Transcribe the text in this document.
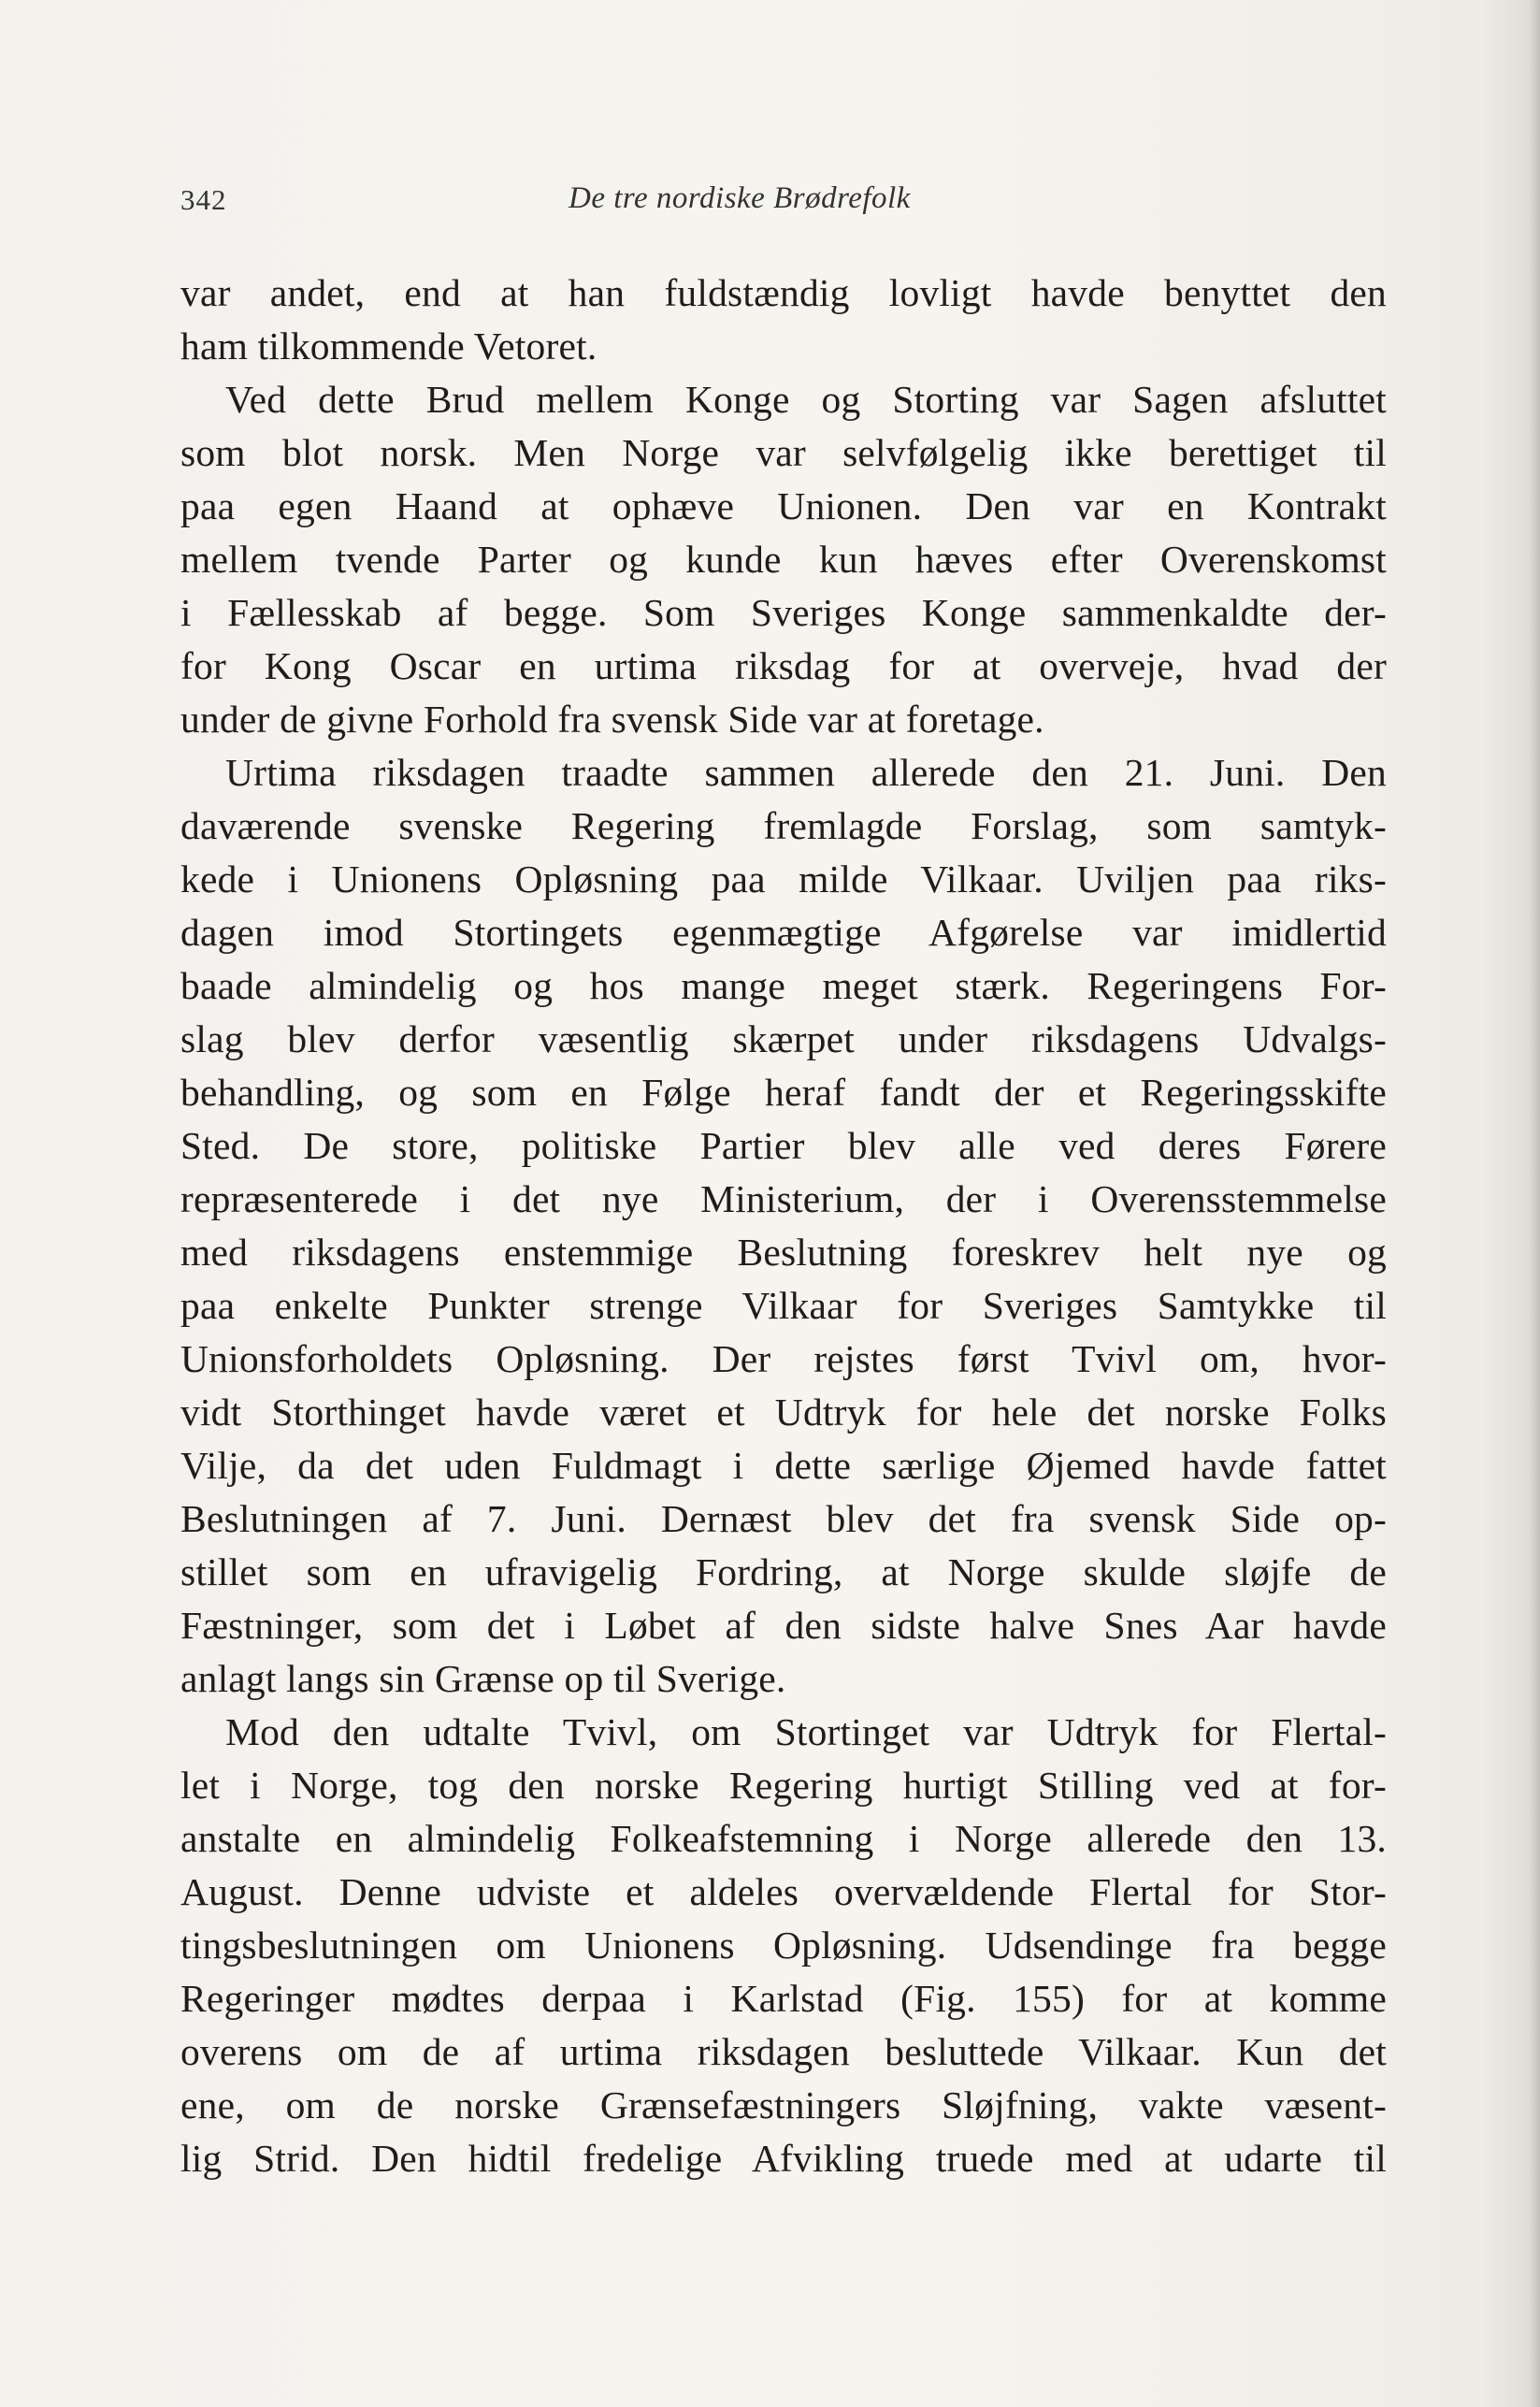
342	De tre nordiske Brødrefolk
var andet, end at han fuldstændig lovligt havde benyttet den
ham tilkommende Vetoret.
Ved dette Brud mellem Konge og Storting var Sagen afsluttet
som blot norsk. Men Norge var selvfølgelig ikke berettiget til
paa egen Haand at ophæve Unionen. Den var en Kontrakt
mellem tvende Parter og kunde kun hæves efter Overenskomst
i Fællesskab af begge. Som Sveriges Konge sammenkaldte der-
for Kong Oscar en urtima riksdag for at overveje, hvad der
under de givne Forhold fra svensk Side var at foretage.
Urtima riksdagen traadte sammen allerede den 21. Juni. Den
daværende svenske Regering fremlagde Forslag, som samtyk-
kede i Unionens Opløsning paa milde Vilkaar. Uviljen paa riks-
dagen imod Stortingets egenmægtige Afgørelse var imidlertid
baade almindelig og hos mange meget stærk. Regeringens For-
slag blev derfor væsentlig skærpet under riksdagens Udvalgs-
behandling, og som en Følge heraf fandt der et Regeringsskifte
Sted. De store, politiske Partier blev alle ved deres Førere
repræsenterede i det nye Ministerium, der i Overensstemmelse
med riksdagens enstemmige Beslutning foreskrev helt nye og
paa enkelte Punkter strenge Vilkaar for Sveriges Samtykke til
Unionsforholdets Opløsning. Der rejstes først Tvivl om, hvor-
vidt Storthinget havde været et Udtryk for hele det norske Folks
Vilje, da det uden Fuldmagt i dette særlige Øjemed havde fattet
Beslutningen af 7. Juni. Dernæst blev det fra svensk Side op-
stillet som en ufravigelig Fordring, at Norge skulde sløjfe de
Fæstninger, som det i Løbet af den sidste halve Snes Aar havde
anlagt langs sin Grænse op til Sverige.
Mod den udtalte Tvivl, om Stortinget var Udtryk for Flertal-
let i Norge, tog den norske Regering hurtigt Stilling ved at for-
anstalte en almindelig Folkeafstemning i Norge allerede den 13.
August. Denne udviste et aldeles overvældende Flertal for Stor-
tingsbeslutningen om Unionens Opløsning. Udsendinge fra begge
Regeringer mødtes derpaa i Karlstad (Fig. 155) for at komme
overens om de af urtima riksdagen besluttede Vilkaar. Kun det
ene, om de norske Grænsefæstningers Sløjfning, vakte væsent-
lig Strid. Den hidtil fredelige Afvikling truede med at udarte til
